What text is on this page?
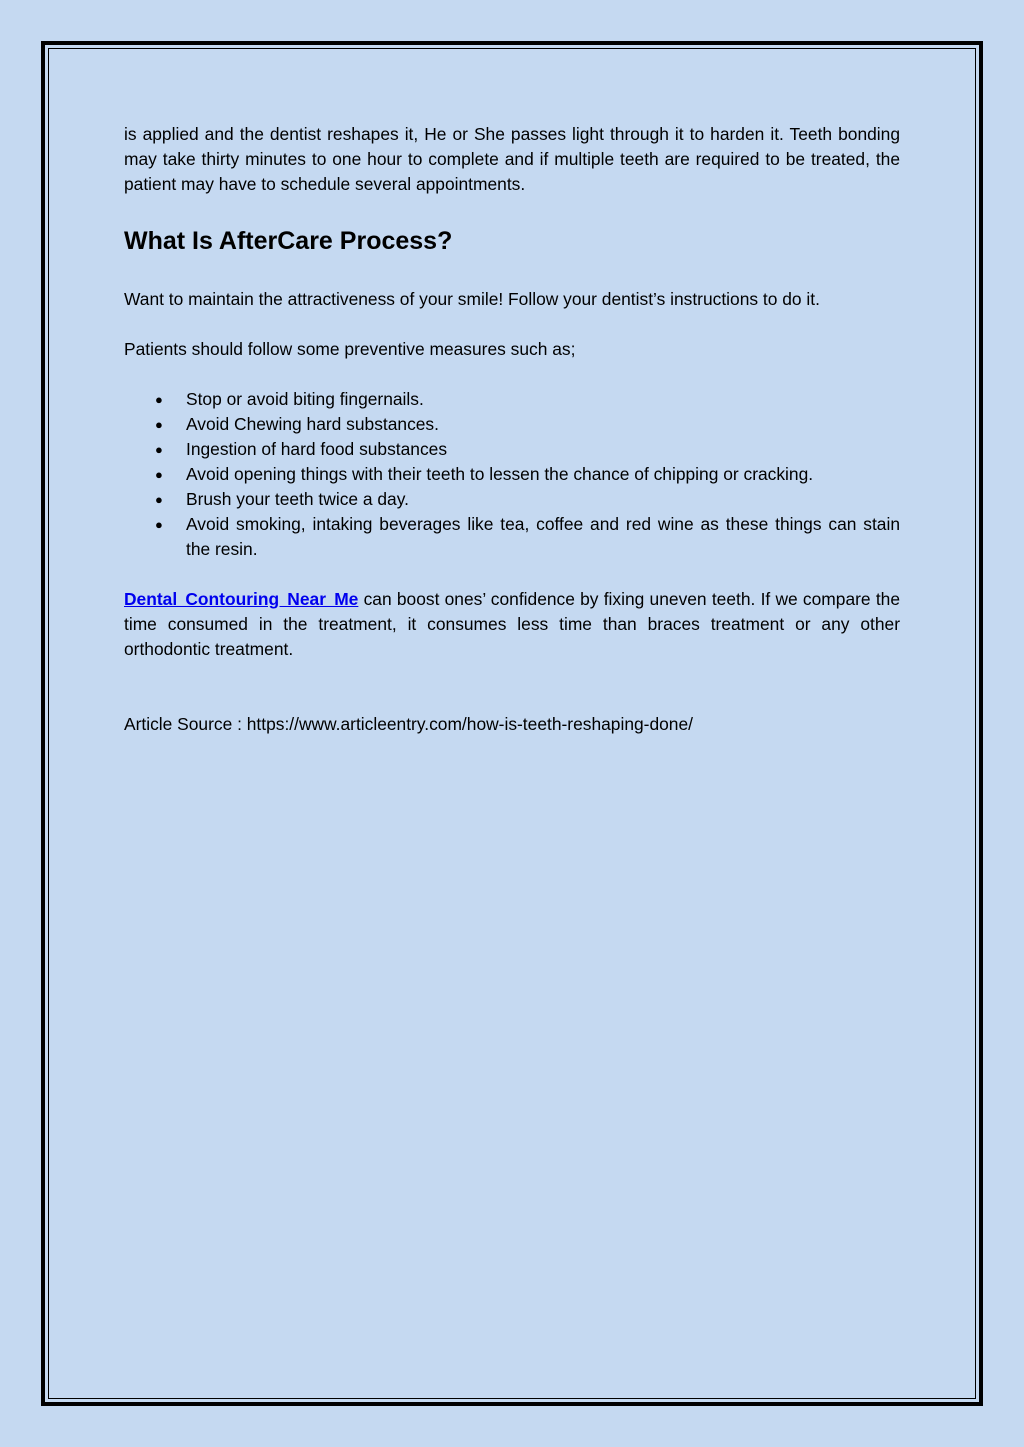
is applied and the dentist reshapes it, He or She passes light through it to harden it. Teeth bonding may take thirty minutes to one hour to complete and if multiple teeth are required to be treated, the patient may have to schedule several appointments.

What Is AfterCare Process?

Want to maintain the attractiveness of your smile! Follow your dentist’s instructions to do it.

Patients should follow some preventive measures such as;

● Stop or avoid biting fingernails.
● Avoid Chewing hard substances.
● Ingestion of hard food substances
● Avoid opening things with their teeth to lessen the chance of chipping or cracking.
● Brush your teeth twice a day.
● Avoid smoking, intaking beverages like tea, coffee and red wine as these things can stain the resin.

Dental Contouring Near Me can boost ones’ confidence by fixing uneven teeth. If we compare the time consumed in the treatment, it consumes less time than braces treatment or any other orthodontic treatment.

Article Source : https://www.articleentry.com/how-is-teeth-reshaping-done/
